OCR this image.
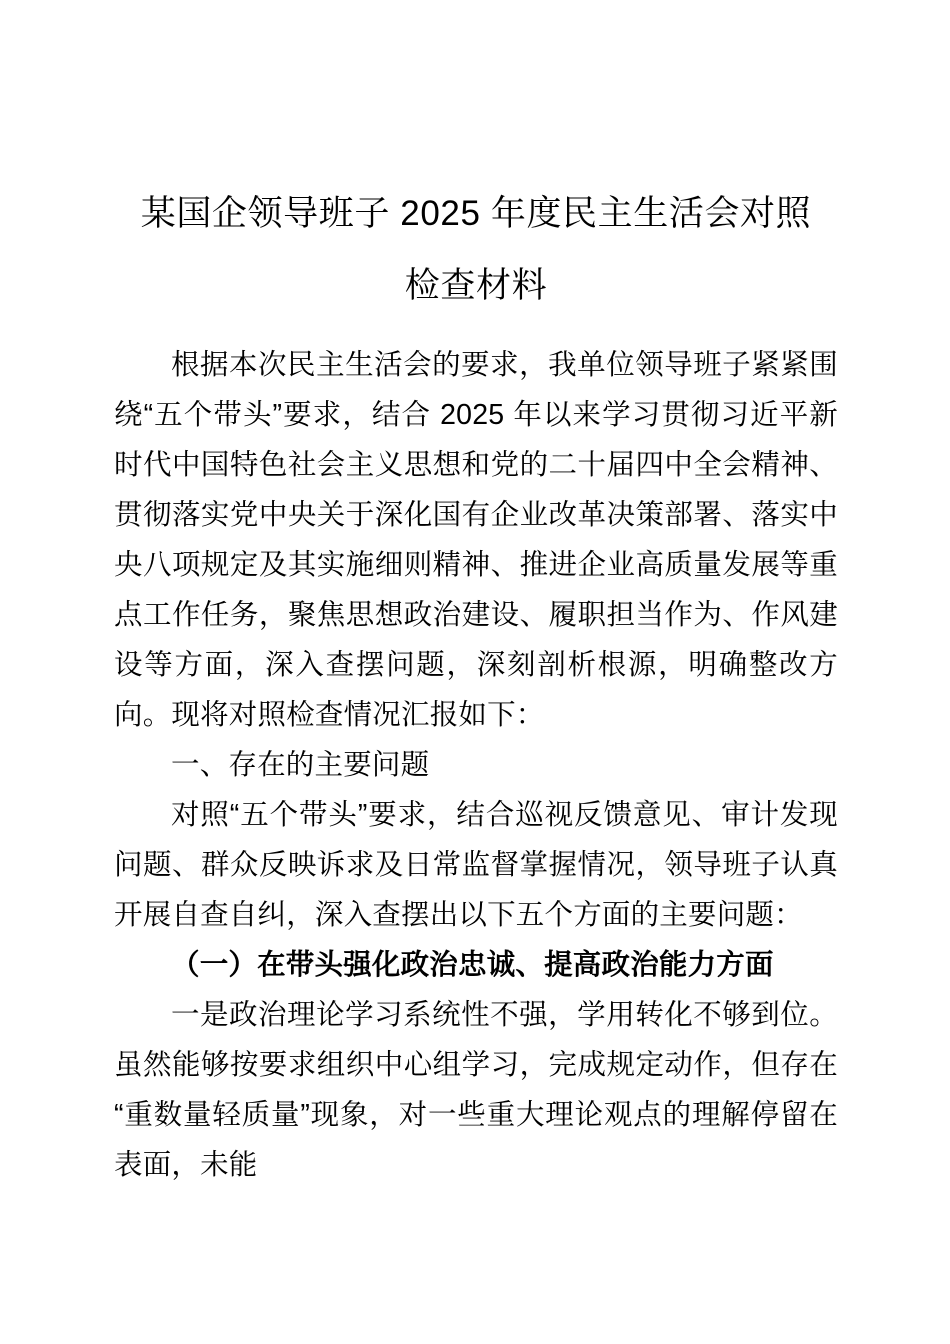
某国企领导班子 2025 年度民主生活会对照
检查材料

根据本次民主生活会的要求，我单位领导班子紧紧围绕“五个带头”要求，结合 2025 年以来学习贯彻习近平新时代中国特色社会主义思想和党的二十届四中全会精神、贯彻落实党中央关于深化国有企业改革决策部署、落实中央八项规定及其实施细则精神、推进企业高质量发展等重点工作任务，聚焦思想政治建设、履职担当作为、作风建设等方面，深入查摆问题，深刻剖析根源，明确整改方向。现将对照检查情况汇报如下：

一、存在的主要问题

对照“五个带头”要求，结合巡视反馈意见、审计发现问题、群众反映诉求及日常监督掌握情况，领导班子认真开展自查自纠，深入查摆出以下五个方面的主要问题：

（一）在带头强化政治忠诚、提高政治能力方面

一是政治理论学习系统性不强，学用转化不够到位。虽然能够按要求组织中心组学习，完成规定动作，但存在“重数量轻质量”现象，对一些重大理论观点的理解停留在表面，未能
